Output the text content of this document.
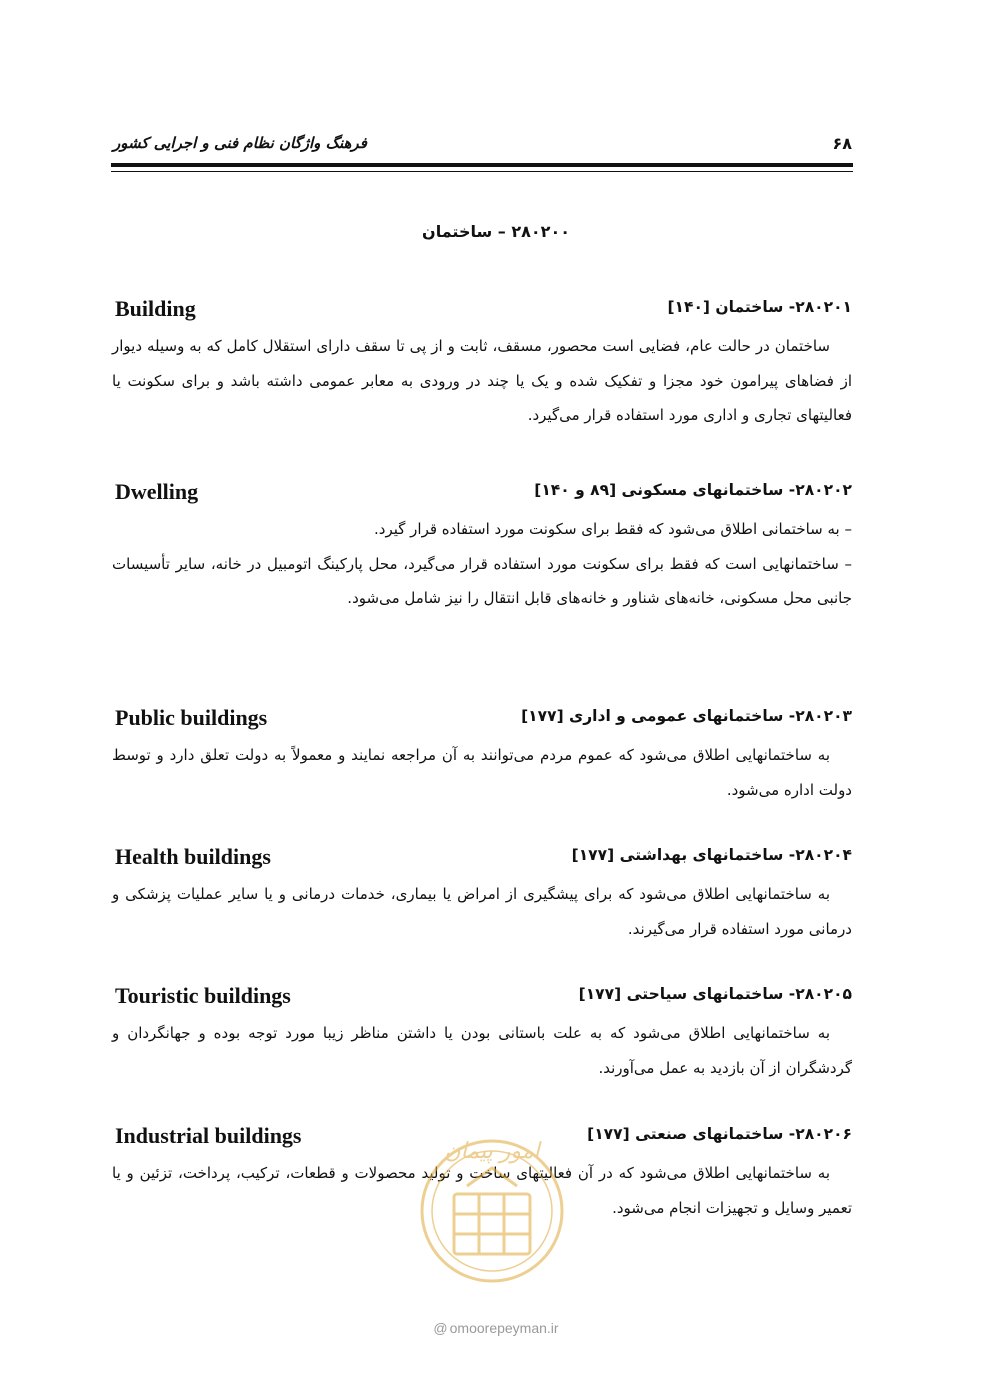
فرهنگ واژگان نظام فنی و اجرایی کشور	۶۸
۲۸۰۲۰۰ – ساختمان
Building	۲۸۰۲۰۱- ساختمان [۱۴۰]

ساختمان در حالت عام، فضایی است محصور، مسقف، ثابت و از پی تا سقف دارای استقلال کامل که به وسیله دیوار از فضاهای پیرامون خود مجزا و تفکیک شده و یک یا چند در ورودی به معابر عمومی داشته باشد و برای سکونت یا فعالیتهای تجاری و اداری مورد استفاده قرار می‌گیرد.

Dwelling	۲۸۰۲۰۲- ساختمانهای مسکونی [۸۹ و ۱۴۰]

– به ساختمانی اطلاق می‌شود که فقط برای سکونت مورد استفاده قرار گیرد.

– ساختمانهایی است که فقط برای سکونت مورد استفاده قرار می‌گیرد، محل پارکینگ اتومبیل در خانه، سایر تأسیسات جانبی محل مسکونی، خانه‌های شناور و خانه‌های قابل انتقال را نیز شامل می‌شود.

Public buildings	۲۸۰۲۰۳- ساختمانهای عمومی و اداری [۱۷۷]

به ساختمانهایی اطلاق می‌شود که عموم مردم می‌توانند به آن مراجعه نمایند و معمولاً به دولت تعلق دارد و توسط دولت اداره می‌شود.

Health buildings	۲۸۰۲۰۴- ساختمانهای بهداشتی [۱۷۷]

به ساختمانهایی اطلاق می‌شود که برای پیشگیری از امراض یا بیماری، خدمات درمانی و یا سایر عملیات پزشکی و درمانی مورد استفاده قرار می‌گیرند.

Touristic buildings	۲۸۰۲۰۵- ساختمانهای سیاحتی [۱۷۷]

به ساختمانهایی اطلاق می‌شود که به علت باستانی بودن یا داشتن مناظر زیبا مورد توجه بوده و جهانگردان و گردشگران از آن بازدید به عمل می‌آورند.

Industrial buildings	۲۸۰۲۰۶- ساختمانهای صنعتی [۱۷۷]

به ساختمانهایی اطلاق می‌شود که در آن فعالیتهای ساخت و تولید محصولات و قطعات، ترکیب، پرداخت، تزئین و یا تعمیر وسایل و تجهیزات انجام می‌شود.

امور پیمان
@ omoorepeyman.ir
